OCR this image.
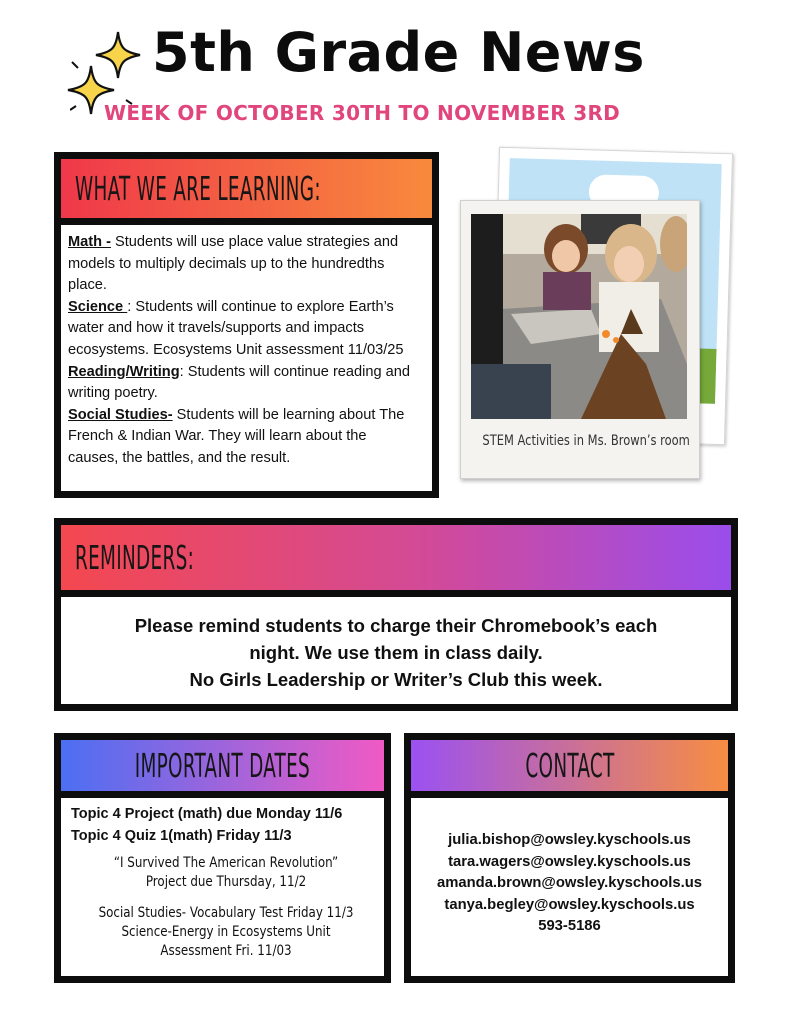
5th Grade News
WEEK OF OCTOBER 30TH TO NOVEMBER 3RD
WHAT WE ARE LEARNING:

Math - Students will use place value strategies and models to multiply decimals up to the hundredths place.

Science : Students will continue to explore Earth’s water and how it travels/supports and impacts ecosystems. Ecosystems Unit assessment 11/03/25

Reading/Writing: Students will continue reading and writing poetry.

Social Studies- Students will be learning about The French & Indian War. They will learn about the causes, the battles, and the result.

STEM Activities in Ms. Brown’s room
REMINDERS:
Please remind students to charge their Chromebook’s each
night. We use them in class daily.
No Girls Leadership or Writer’s Club this week.
IMPORTANT DATES
Topic 4 Project (math) due Monday 11/6
Topic 4 Quiz 1(math) Friday 11/3
“I Survived The American Revolution” Project due Thursday, 11/2
Social Studies- Vocabulary Test Friday 11/3
Science-Energy in Ecosystems Unit Assessment Fri. 11/03
CONTACT
julia.bishop@owsley.kyschools.us
tara.wagers@owsley.kyschools.us
amanda.brown@owsley.kyschools.us
tanya.begley@owsley.kyschools.us
593-5186
